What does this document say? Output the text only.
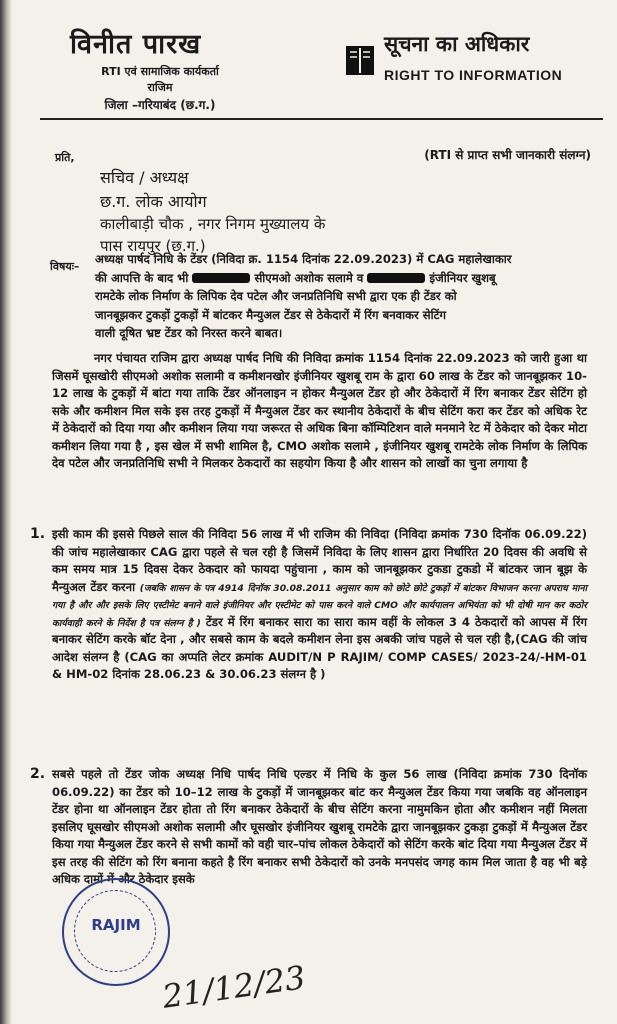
विनीत पारख
RTI एवं सामाजिक कार्यकर्ता
राजिम
जिला –गरियाबंद (छ.ग.)
सूचना का अधिकार
RIGHT TO INFORMATION
प्रति,	(RTI से प्राप्त सभी जानकारी संलग्न)
सचिव / अध्यक्ष
छ.ग. लोक आयोग
कालीबाड़ी चौक , नगर निगम मुख्यालय के
पास रायपुर (छ.ग.)
विषयः–
अध्यक्ष पार्षद निधि के टेंडर (निविदा क्र. 1154 दिनांक 22.09.2023) में CAG महालेखाकार
की आपत्ति के बाद भी	सीएमओ अशोक सलामे व	इंजीनियर खुशबू
रामटेके लोक निर्माण के लिपिक देव पटेल और जनप्रतिनिधि सभी द्वारा एक ही टेंडर को
जानबूझकर टुकड़ों टुकड़ों में बांटकर मैन्युअल टेंडर से ठेकेदारों में रिंग बनवाकर सेटिंग
वाली दूषित भ्रष्ट टेंडर को निरस्त करने बाबत।
नगर पंचायत राजिम द्वारा अध्यक्ष पार्षद निधि की निविदा क्रमांक 1154 दिनांक 22.09.2023 को जारी हुआ था जिसमें घूसखोरी सीएमओ अशोक सलामी व कमीशनखोर इंजीनियर खुशबू राम के द्वारा 60 लाख के टेंडर को जानबूझकर 10-12 लाख के टुकड़ों में बांटा गया ताकि टेंडर ऑनलाइन न होकर मैन्युअल टेंडर हो और ठेकेदारों में रिंग बनाकर टेंडर सेटिंग हो सके और कमीशन मिल सके इस तरह टुकड़ों में मैन्युअल टेंडर कर स्थानीय ठेकेदारों के बीच सेटिंग करा कर टेंडर को अधिक रेट में ठेकेदारों को दिया गया और कमीशन लिया गया जरूरत से अधिक बिना कॉम्पिटिशन वाले मनमाने रेट में ठेकेदार को देकर मोटा कमीशन लिया गया है , इस खेल में सभी शामिल है, CMO अशोक सलामे , इंजीनियर खुशबू रामटेके लोक निर्माण के लिपिक देव पटेल और जनप्रतिनिधि सभी ने मिलकर ठेकदारों का सहयोग किया है और शासन को लाखों का चुना लगाया है
1. इसी काम की इससे पिछले साल की निविदा 56 लाख में भी राजिम की निविदा (निविदा क्रमांक 730 दिनॉक 06.09.22) की जांच महालेखाकार CAG द्वारा पहले से चल रही है जिसमें निविदा के लिए शासन द्वारा निर्धारित 20 दिवस की अवधि से कम समय मात्र 15 दिवस देकर ठेकदार को फायदा पहुंचाना , काम को जानबूझकर टुकडा टुकडो में बांटकर जान बूझ के मैन्युअल टेंडर करना (जबकि शासन के पत्र 4914 दिनॉक 30.08.2011 अनुसार काम को छोटे छोटे टुकड़ों में बांटकर विभाजन करना अपराध माना गया है और और इसके लिए एस्टीमेट बनाने वाले इंजीनियर और एस्टीमेट को पास करने वाले CMO और कार्यपालन अभियंता को भी दोषी मान कर कठोर कार्यवाही करने के निर्देश है पत्र संलग्न है ) टेंडर में रिंग बनाकर सारा का सारा काम वहीं के लोकल 3 4 ठेकदारों को आपस में रिंग बनाकर सेटिंग करके बॉट देना , और सबसे काम के बदले कमीशन लेना इस अबकी जांच पहले से चल रही है,(CAG की जांच आदेश संलग्न है (CAG का अप्पति लेटर क्रमांक AUDIT/N P RAJIM/ COMP CASES/ 2023-24/-HM-01 & HM-02 दिनांक 28.06.23 & 30.06.23 संलग्न है )
2. सबसे पहले तो टेंडर जोक अध्यक्ष निधि पार्षद निधि एल्डर में निधि के कुल 56 लाख (निविदा क्रमांक 730 दिनॉक 06.09.22) का टेंडर को 10–12 लाख के टुकड़ों में जानबूझकर बांट कर मैन्युअल टेंडर किया गया जबकि वह ऑनलाइन टेंडर होना था ऑनलाइन टेंडर होता तो रिंग बनाकर ठेकेदारों के बीच सेटिंग करना नामुमकिन होता और कमीशन नहीं मिलता इसलिए घूसखोर सीएमओ अशोक सलामी और घूसखोर इंजीनियर खुशबू रामटेके द्वारा जानबूझकर टुकड़ा टुकड़ों में मैन्युअल टेंडर किया गया मैन्युअल टेंडर करने से सभी कामों को वही चार–पांच लोकल ठेकेदारों को सेटिंग करके बांट दिया गया मैन्युअल टेंडर में इस तरह की सेटिंग को रिंग बनाना कहते है रिंग बनाकर सभी ठेकेदारों को उनके मनपसंद जगह काम मिल जाता है वह भी बड़े अधिक दामों में और ठेकेदार इसके
RAJIM
21/12/23
